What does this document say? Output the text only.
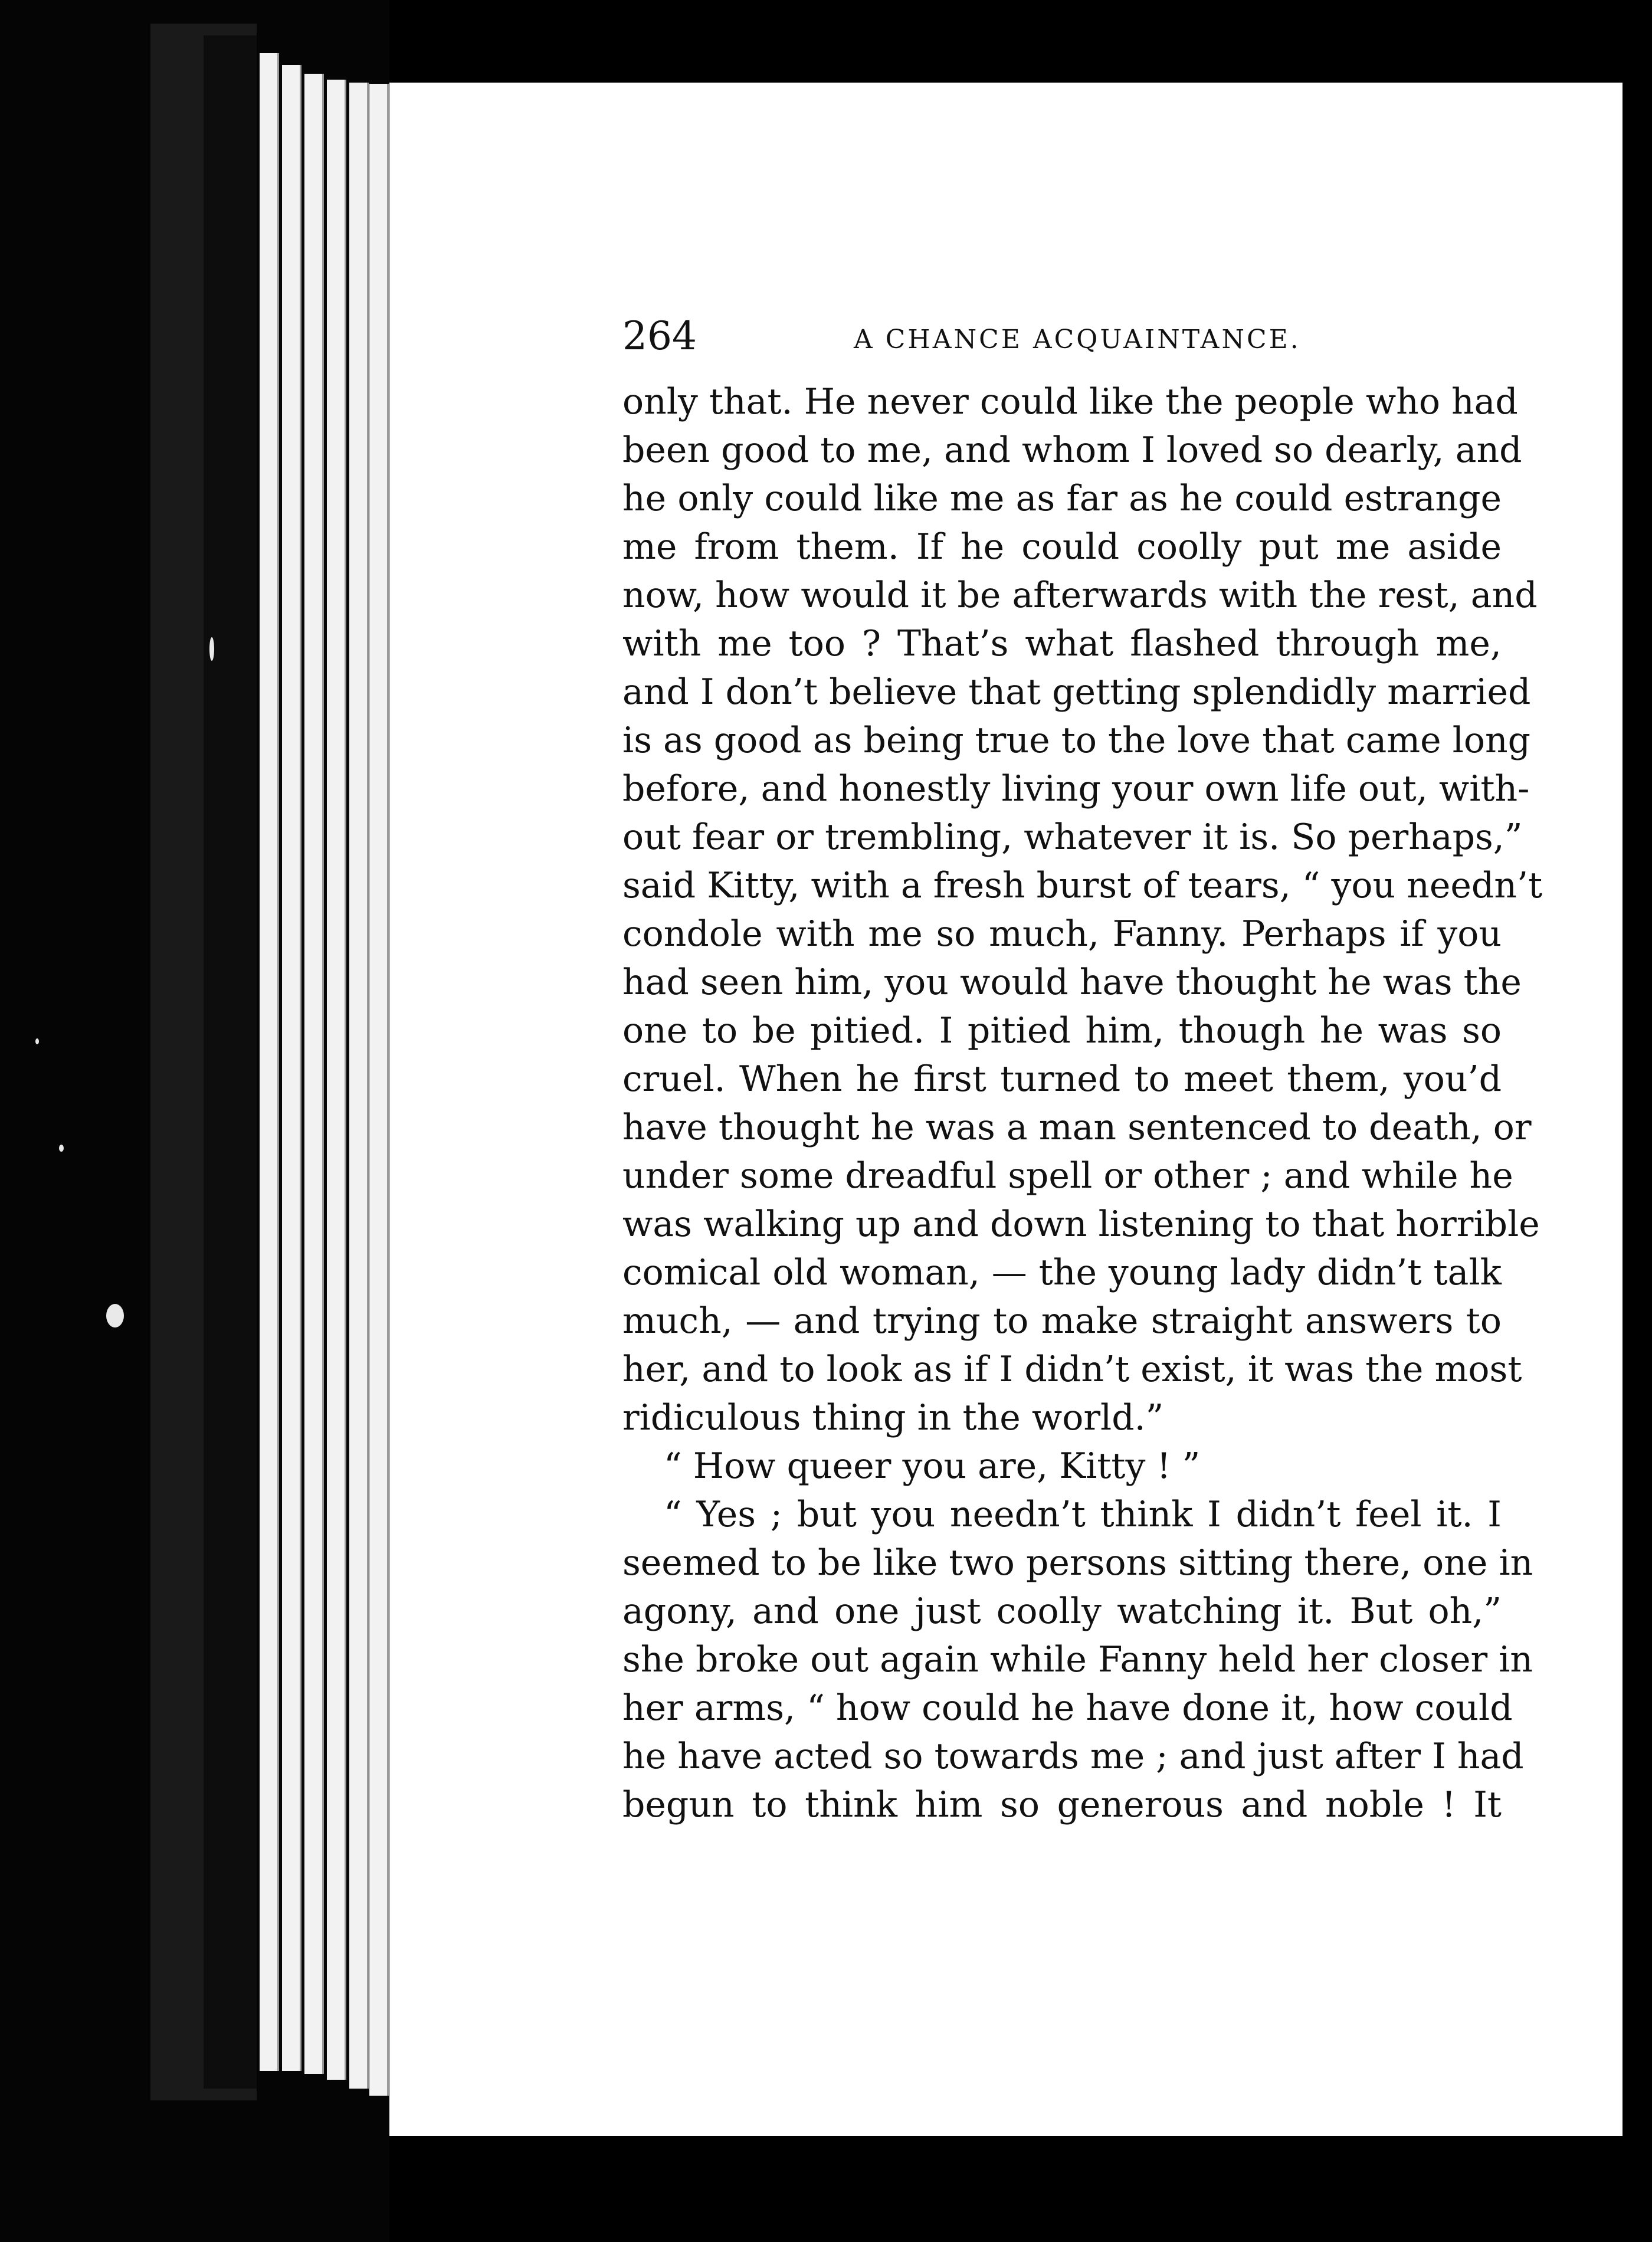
264	A CHANCE ACQUAINTANCE.
only that. He never could like the people who had
been good to me, and whom I loved so dearly, and
he only could like me as far as he could estrange
me from them. If he could coolly put me aside
now, how would it be afterwards with the rest, and
with me too ? That’s what flashed through me,
and I don’t believe that getting splendidly married
is as good as being true to the love that came long
before, and honestly living your own life out, with-
out fear or trembling, whatever it is. So perhaps,”
said Kitty, with a fresh burst of tears, “ you needn’t
condole with me so much, Fanny. Perhaps if you
had seen him, you would have thought he was the
one to be pitied. I pitied him, though he was so
cruel. When he first turned to meet them, you’d
have thought he was a man sentenced to death, or
under some dreadful spell or other ; and while he
was walking up and down listening to that horrible
comical old woman, — the young lady didn’t talk
much, — and trying to make straight answers to
her, and to look as if I didn’t exist, it was the most
ridiculous thing in the world.”
“ How queer you are, Kitty ! ”
“ Yes ; but you needn’t think I didn’t feel it. I
seemed to be like two persons sitting there, one in
agony, and one just coolly watching it. But oh,”
she broke out again while Fanny held her closer in
her arms, “ how could he have done it, how could
he have acted so towards me ; and just after I had
begun to think him so generous and noble ! It
